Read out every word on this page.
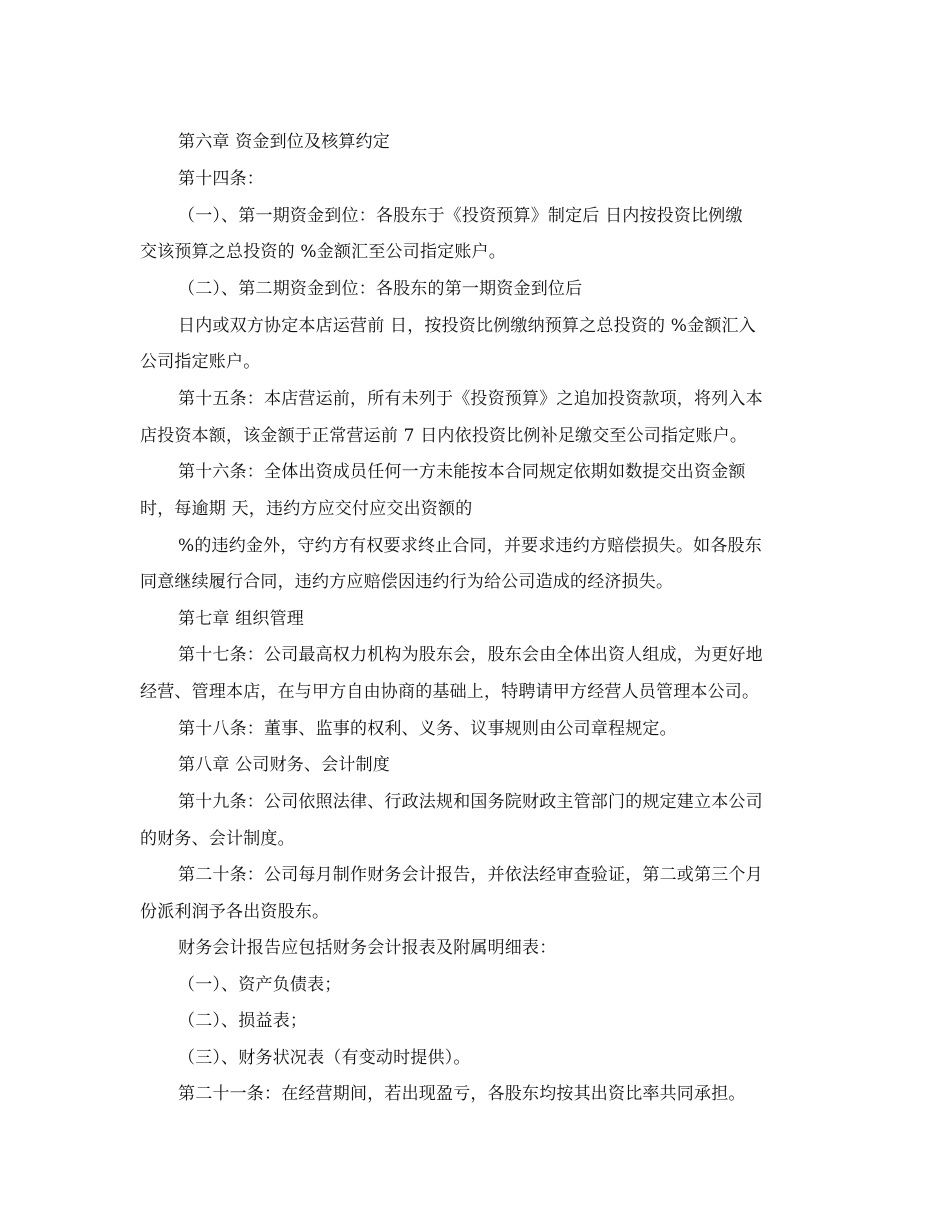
第六章 资金到位及核算约定
第十四条：
（一）、第一期资金到位：各股东于《投资预算》制定后 日内按投资比例缴
交该预算之总投资的 %金额汇至公司指定账户。
（二）、第二期资金到位：各股东的第一期资金到位后
日内或双方协定本店运营前 日，按投资比例缴纳预算之总投资的 %金额汇入
公司指定账户。
第十五条：本店营运前，所有未列于《投资预算》之追加投资款项，将列入本
店投资本额，该金额于正常营运前 7 日内依投资比例补足缴交至公司指定账户。
第十六条：全体出资成员任何一方未能按本合同规定依期如数提交出资金额
时，每逾期 天，违约方应交付应交出资额的
%的违约金外，守约方有权要求终止合同，并要求违约方赔偿损失。如各股东
同意继续履行合同，违约方应赔偿因违约行为给公司造成的经济损失。
第七章 组织管理
第十七条：公司最高权力机构为股东会，股东会由全体出资人组成，为更好地
经营、管理本店，在与甲方自由协商的基础上，特聘请甲方经营人员管理本公司。
第十八条：董事、监事的权利、义务、议事规则由公司章程规定。
第八章 公司财务、会计制度
第十九条：公司依照法律、行政法规和国务院财政主管部门的规定建立本公司
的财务、会计制度。
第二十条：公司每月制作财务会计报告，并依法经审查验证，第二或第三个月
份派利润予各出资股东。
财务会计报告应包括财务会计报表及附属明细表：
（一）、资产负债表；
（二）、损益表；
（三）、财务状况表（有变动时提供）。
第二十一条：在经营期间，若出现盈亏，各股东均按其出资比率共同承担。
